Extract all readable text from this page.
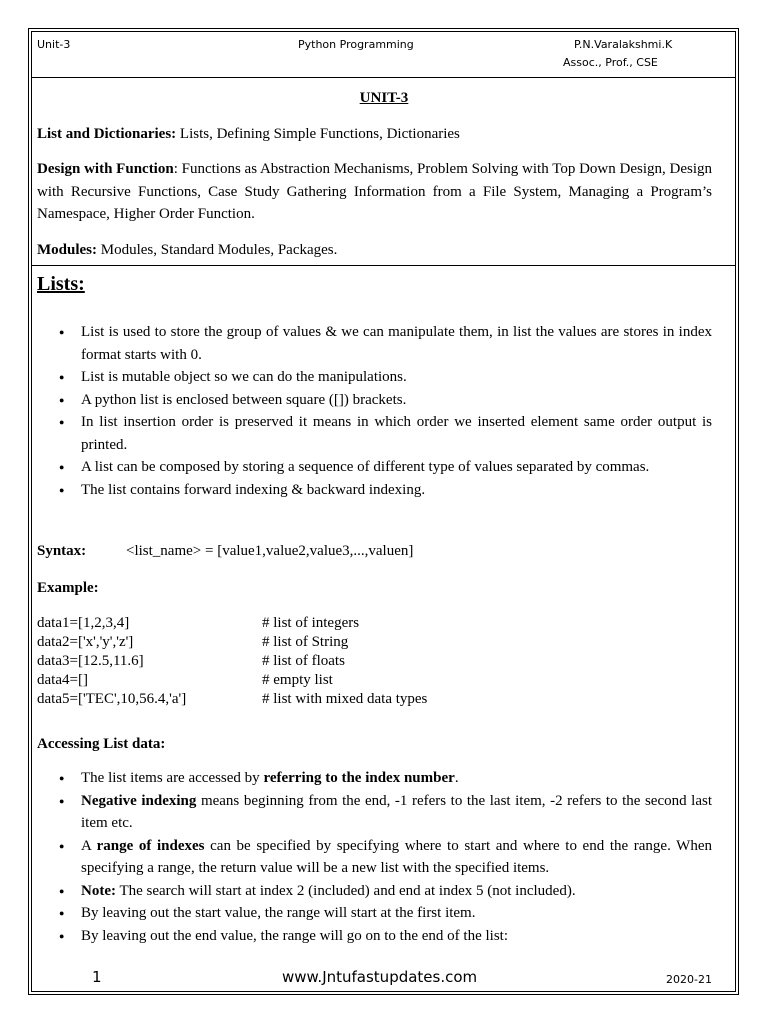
Unit-3	Python Programming	P.N.Varalakshmi.K
Assoc., Prof., CSE
UNIT-3
List and Dictionaries: Lists, Defining Simple Functions, Dictionaries
Design with Function: Functions as Abstraction Mechanisms, Problem Solving with Top Down Design, Design with Recursive Functions, Case Study Gathering Information from a File System, Managing a Program’s Namespace, Higher Order Function.
Modules: Modules, Standard Modules, Packages.
Lists:
● List is used to store the group of values & we can manipulate them, in list the values are stores in index format starts with 0.
● List is mutable object so we can do the manipulations.
● A python list is enclosed between square ([]) brackets.
● In list insertion order is preserved it means in which order we inserted element same order output is printed.
● A list can be composed by storing a sequence of different type of values separated by commas.
● The list contains forward indexing & backward indexing.
Syntax:	<list_name> = [value1,value2,value3,...,valuen]
Example:
data1=[1,2,3,4]	# list of integers
data2=['x','y','z']	# list of String
data3=[12.5,11.6]	# list of floats
data4=[]	# empty list
data5=['TEC',10,56.4,'a']	# list with mixed data types
Accessing List data:
● The list items are accessed by referring to the index number.
● Negative indexing means beginning from the end, -1 refers to the last item, -2 refers to the second last item etc.
● A range of indexes can be specified by specifying where to start and where to end the range. When specifying a range, the return value will be a new list with the specified items.
● Note: The search will start at index 2 (included) and end at index 5 (not included).
● By leaving out the start value, the range will start at the first item.
● By leaving out the end value, the range will go on to the end of the list:
1	www.Jntufastupdates.com	2020-21
